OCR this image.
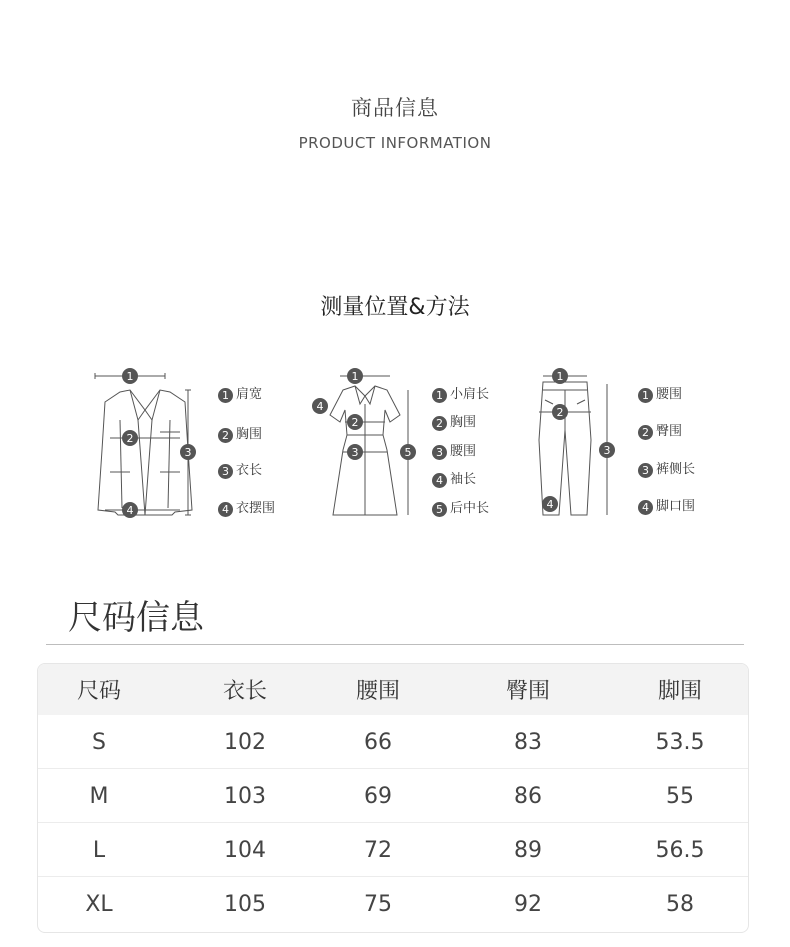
商品信息
PRODUCT INFORMATION
测量位置&方法
1
2
3
4
1 肩宽
2 胸围
3 衣长
4 衣摆围
1
2
3
4
5
1 小肩长
2 胸围
3 腰围
4 袖长
5 后中长
1
2
3
4
1 腰围
2 臀围
3 裤侧长
4 脚口围
尺码信息
尺码	衣长	腰围	臀围	脚围
S	102	66	83	53.5
M	103	69	86	55
L	104	72	89	56.5
XL	105	75	92	58
